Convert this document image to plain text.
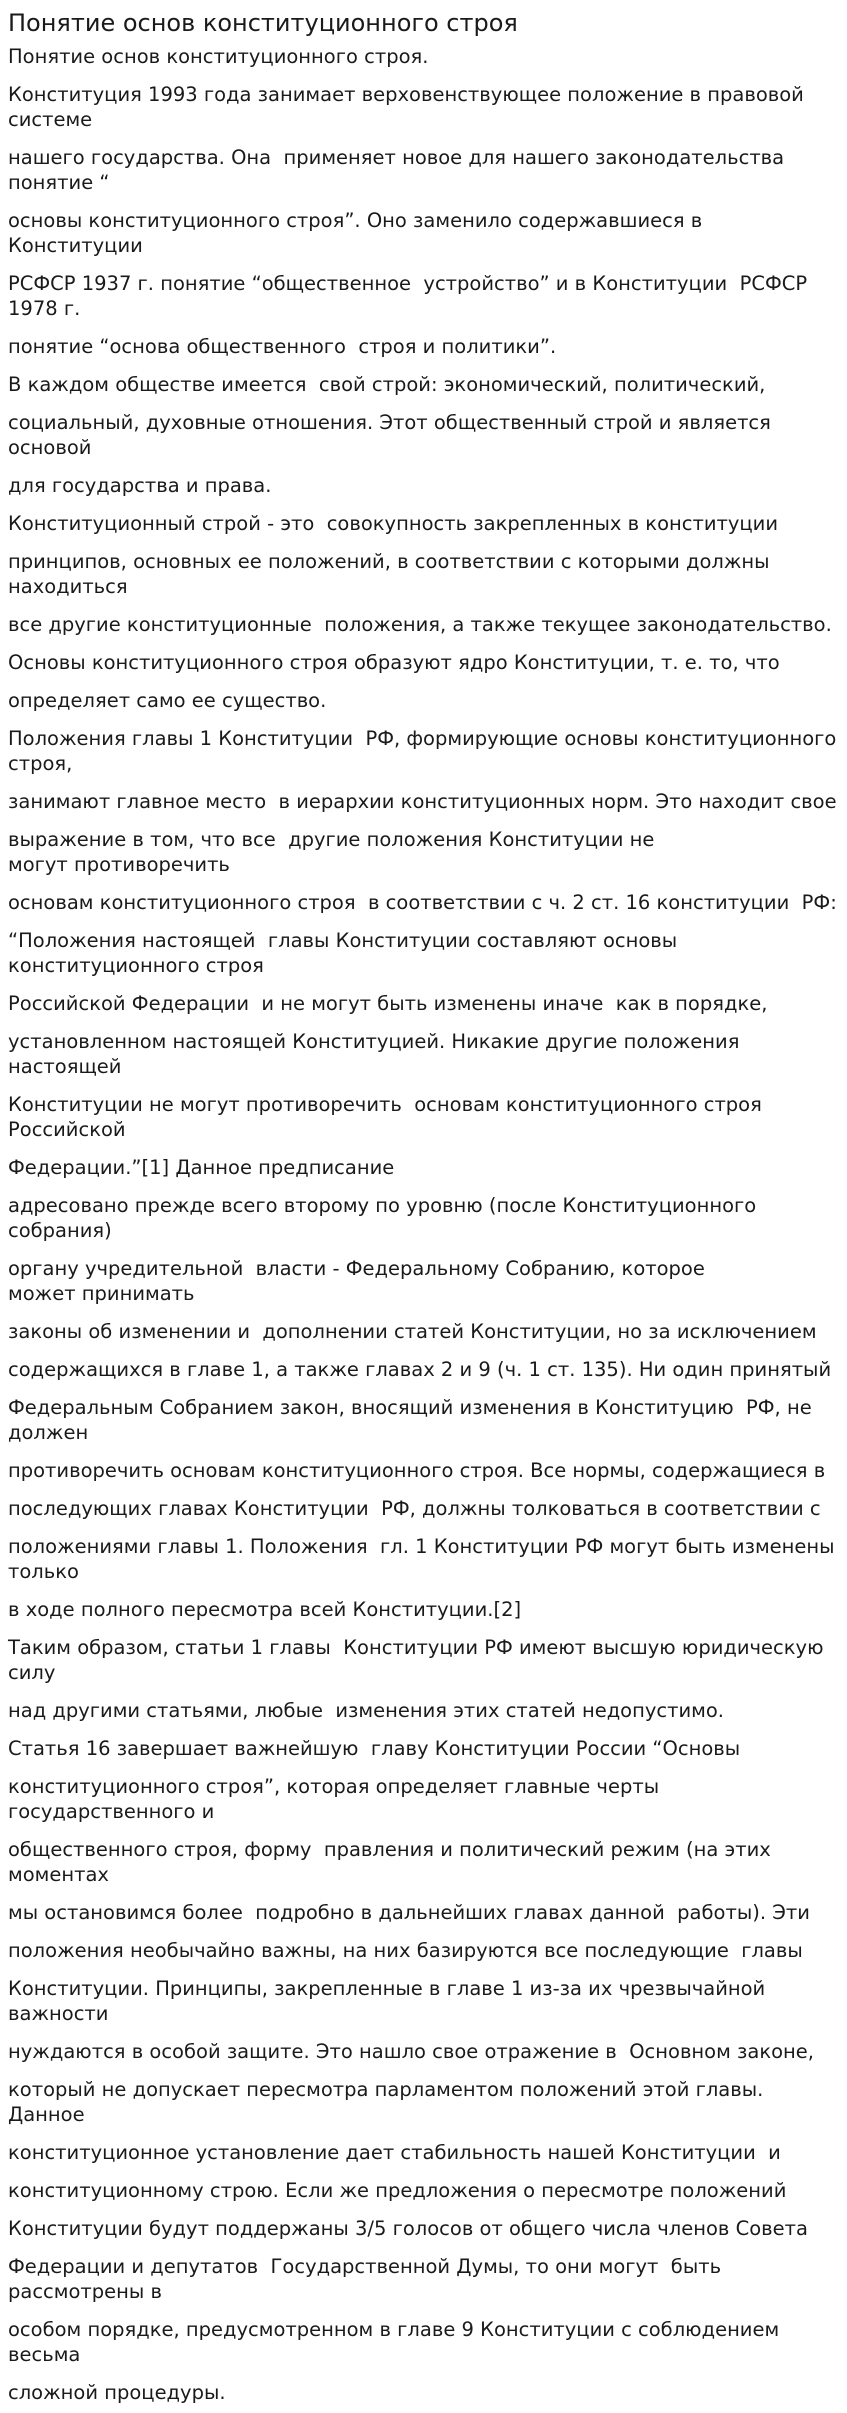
Понятие основ конституционного строя
Понятие основ конституционного строя.
Конституция 1993 года занимает верховенствующее положение в правовой системе
нашего государства. Она  применяет новое для нашего законодательства понятие “
основы конституционного строя”. Оно заменило содержавшиеся в Конституции
РСФСР 1937 г. понятие “общественное  устройство” и в Конституции  РСФСР 1978 г.
понятие “основа общественного  строя и политики”.
В каждом обществе имеется  свой строй: экономический, политический,
социальный, духовные отношения. Этот общественный строй и является основой
для государства и права.
Конституционный строй - это  совокупность закрепленных в конституции
принципов, основных ее положений, в соответствии с которыми должны находиться
все другие конституционные  положения, а также текущее законодательство.
Основы конституционного строя образуют ядро Конституции, т. е. то, что
определяет само ее существо.
Положения главы 1 Конституции  РФ, формирующие основы конституционного строя,
занимают главное место  в иерархии конституционных норм. Это находит свое
выражение в том, что все  другие положения Конституции не
могут противоречить
основам конституционного строя  в соответствии с ч. 2 ст. 16 конституции  РФ:
“Положения настоящей  главы Конституции составляют основы
конституционного строя
Российской Федерации  и не могут быть изменены иначе  как в порядке,
установленном настоящей Конституцией. Никакие другие положения настоящей
Конституции не могут противоречить  основам конституционного строя Российской
Федерации.”[1] Данное предписание
адресовано прежде всего второму по уровню (после Конституционного собрания)
органу учредительной  власти - Федеральному Собранию, которое
может принимать
законы об изменении и  дополнении статей Конституции, но за исключением
содержащихся в главе 1, а также главах 2 и 9 (ч. 1 ст. 135). Ни один принятый
Федеральным Собранием закон, вносящий изменения в Конституцию  РФ, не должен
противоречить основам конституционного строя. Все нормы, содержащиеся в
последующих главах Конституции  РФ, должны толковаться в соответствии с
положениями главы 1. Положения  гл. 1 Конституции РФ могут быть изменены только
в ходе полного пересмотра всей Конституции.[2]
Таким образом, статьи 1 главы  Конституции РФ имеют высшую юридическую силу
над другими статьями, любые  изменения этих статей недопустимо.
Статья 16 завершает важнейшую  главу Конституции России “Основы
конституционного строя”, которая определяет главные черты государственного и
общественного строя, форму  правления и политический режим (на этих моментах
мы остановимся более  подробно в дальнейших главах данной  работы). Эти
положения необычайно важны, на них базируются все последующие  главы
Конституции. Принципы, закрепленные в главе 1 из-за их чрезвычайной важности
нуждаются в особой защите. Это нашло свое отражение в  Основном законе,
который не допускает пересмотра парламентом положений этой главы. Данное
конституционное установление дает стабильность нашей Конституции  и
конституционному строю. Если же предложения о пересмотре положений
Конституции будут поддержаны 3/5 голосов от общего числа членов Совета
Федерации и депутатов  Государственной Думы, то они могут  быть рассмотрены в
особом порядке, предусмотренном в главе 9 Конституции с соблюдением весьма
сложной процедуры.
